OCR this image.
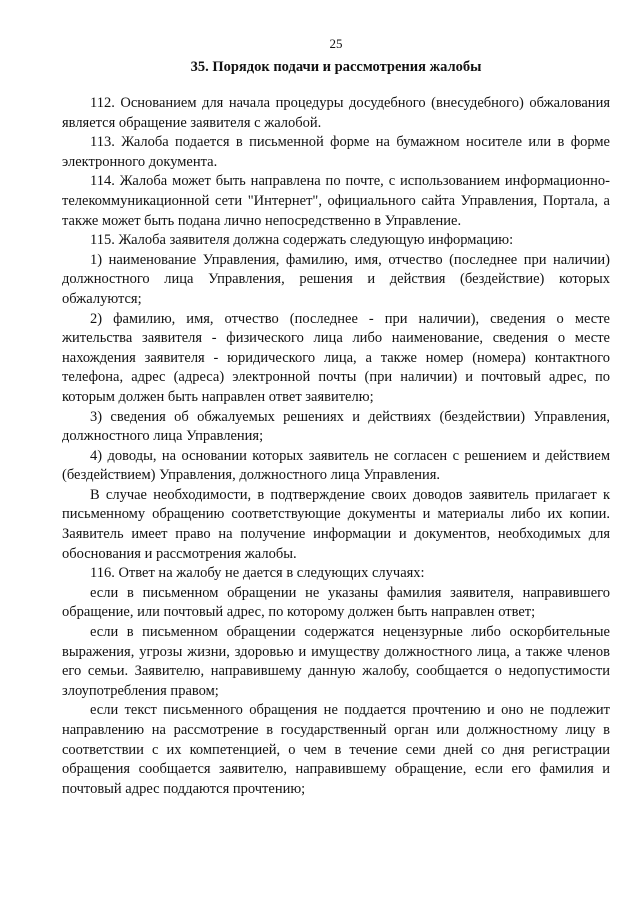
25
35. Порядок подачи и рассмотрения жалобы

112. Основанием для начала процедуры досудебного (внесудебного) обжалования является обращение заявителя с жалобой.

113. Жалоба подается в письменной форме на бумажном носителе или в форме электронного документа.

114. Жалоба может быть направлена по почте, с использованием информационно-телекоммуникационной сети "Интернет", официального сайта Управления, Портала, а также может быть подана лично непосредственно в Управление.

115. Жалоба заявителя должна содержать следующую информацию:

1) наименование Управления, фамилию, имя, отчество (последнее при наличии) должностного лица Управления, решения и действия (бездействие) которых обжалуются;

2) фамилию, имя, отчество (последнее - при наличии), сведения о месте жительства заявителя - физического лица либо наименование, сведения о месте нахождения заявителя - юридического лица, а также номер (номера) контактного телефона, адрес (адреса) электронной почты (при наличии) и почтовый адрес, по которым должен быть направлен ответ заявителю;

3) сведения об обжалуемых решениях и действиях (бездействии) Управления, должностного лица Управления;

4) доводы, на основании которых заявитель не согласен с решением и действием (бездействием) Управления, должностного лица Управления.

В случае необходимости, в подтверждение своих доводов заявитель прилагает к письменному обращению соответствующие документы и материалы либо их копии. Заявитель имеет право на получение информации и документов, необходимых для обоснования и рассмотрения жалобы.

116. Ответ на жалобу не дается в следующих случаях:

если в письменном обращении не указаны фамилия заявителя, направившего обращение, или почтовый адрес, по которому должен быть направлен ответ;

если в письменном обращении содержатся нецензурные либо оскорбительные выражения, угрозы жизни, здоровью и имуществу должностного лица, а также членов его семьи. Заявителю, направившему данную жалобу, сообщается о недопустимости злоупотребления правом;

если текст письменного обращения не поддается прочтению и оно не подлежит направлению на рассмотрение в государственный орган или должностному лицу в соответствии с их компетенцией, о чем в течение семи дней со дня регистрации обращения сообщается заявителю, направившему обращение, если его фамилия и почтовый адрес поддаются прочтению;
